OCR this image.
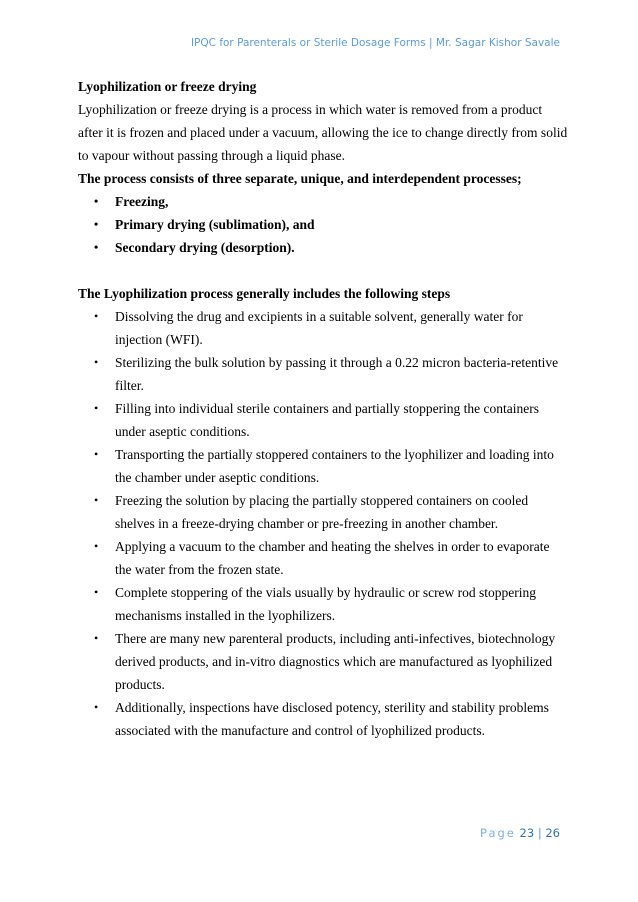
IPQC for Parenterals or Sterile Dosage Forms | Mr. Sagar Kishor Savale
Lyophilization or freeze drying

Lyophilization or freeze drying is a process in which water is removed from a product after it is frozen and placed under a vacuum, allowing the ice to change directly from solid to vapour without passing through a liquid phase.

The process consists of three separate, unique, and interdependent processes;
• Freezing,
• Primary drying (sublimation), and
• Secondary drying (desorption).
The Lyophilization process generally includes the following steps
• Dissolving the drug and excipients in a suitable solvent, generally water for injection (WFI).
• Sterilizing the bulk solution by passing it through a 0.22 micron bacteria-retentive filter.
• Filling into individual sterile containers and partially stoppering the containers under aseptic conditions.
• Transporting the partially stoppered containers to the lyophilizer and loading into the chamber under aseptic conditions.
• Freezing the solution by placing the partially stoppered containers on cooled shelves in a freeze-drying chamber or pre-freezing in another chamber.
• Applying a vacuum to the chamber and heating the shelves in order to evaporate the water from the frozen state.
• Complete stoppering of the vials usually by hydraulic or screw rod stoppering mechanisms installed in the lyophilizers.
• There are many new parenteral products, including anti-infectives, biotechnology derived products, and in-vitro diagnostics which are manufactured as lyophilized products.
• Additionally, inspections have disclosed potency, sterility and stability problems associated with the manufacture and control of lyophilized products.
Page 23 | 26
